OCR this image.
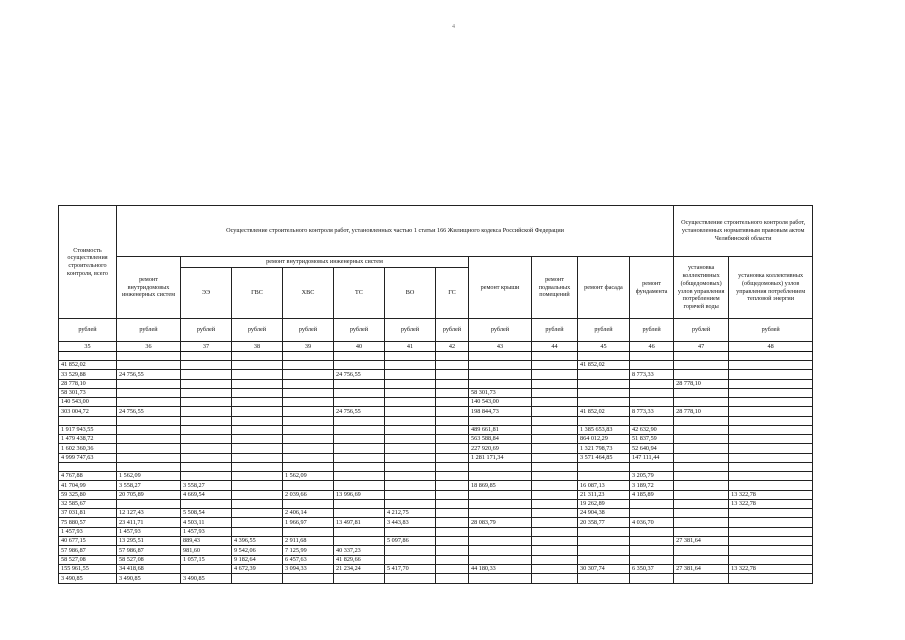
4
Стоимость осуществления строительного контроля, всего	Осуществление строительного контроля работ, установленных частью 1 статьи 166 Жилищного кодекса Российской Федерации											Осуществление строительного контроля работ, установленных нормативным правовым актом Челябинской области	
	ремонт внутридомовых инженерных систем	ремонт внутридомовых инженерных систем						ремонт крыши	ремонт подвальных помещений	ремонт фасада	ремонт фундамента	установка коллективных (общедомовых) узлов управления потреблением горячей воды	установка коллективных (общедомовых) узлов управления потреблением тепловой энергии
		ЭЭ	ГВС	ХВС	ТС	ВО	ГС						
рублей	рублей	рублей	рублей	рублей	рублей	рублей	рублей	рублей	рублей	рублей	рублей	рублей	рублей
35	36	37	38	39	40	41	42	43	44	45	46	47	48

41 852,02										41 852,02			
33 529,88	24 756,55				24 756,55						8 773,33		
28 778,10												28 778,10	
58 301,73								58 301,73					
140 543,00								140 543,00					
303 004,72	24 756,55				24 756,55			198 844,73		41 852,02	8 773,33	28 778,10	

1 917 943,55								489 661,81		1 385 653,83	42 632,90		
1 479 438,72								563 588,84		864 012,29	51 837,59		
1 602 360,36								227 920,69		1 321 798,73	52 640,94		
4 999 747,63								1 281 171,34		3 571 464,85	147 111,44		

4 767,88	1 562,09			1 562,09							3 205,79		
41 704,99	3 558,27	3 558,27						18 869,85		16 087,13	3 189,72		
59 325,80	20 705,89	4 669,54		2 039,66	13 996,69					21 311,23	4 185,89		13 322,78
32 585,67										19 262,89			13 322,78
37 031,81	12 127,43	5 508,54		2 406,14		4 212,75				24 904,38			
75 880,57	23 411,71	4 503,11		1 966,97	13 497,81	3 443,83		28 083,79		20 358,77	4 036,70		
1 457,93	1 457,93	1 457,93											
40 677,15	13 295,51	889,43	4 396,55	2 911,68		5 097,86						27 381,64	
57 986,87	57 986,87	981,60	9 542,06	7 125,99	40 337,23								
58 527,08	58 527,08	1 057,15	9 182,64	6 457,63	41 829,66								
155 961,55	34 418,68		4 672,39	3 094,33	21 234,24	5 417,70		44 180,33		30 307,74	6 350,37	27 381,64	13 322,78
3 490,85	3 490,85	3 490,85											
